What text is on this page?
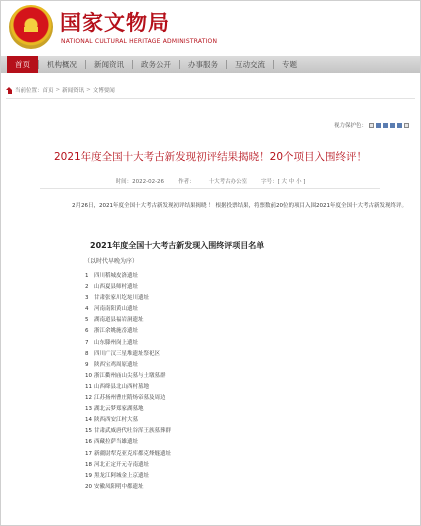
国家文物局
NATIONAL CULTURAL HERITAGE ADMINISTRATION
首页	机构概况	新闻资讯	政务公开	办事服务	互动交流	专题
当前位置： 首页 > 新闻资讯 > 文博要闻
视力保护色：
2021年度全国十大考古新发现初评结果揭晓！20个项目入围终评！
时间：2022-02-26	作者：	十大考古办公室	字号：[ 大 中 小 ]
2月26日，2021年度全国十大考古新发现初评结果揭晓 ！ 根据投票结果，将票数前20位的项目入围2021年度全国十大考古新发现终评。
2021年度全国十大考古新发现入围终评项目名单
（以时代早晚为序）
1	四川稻城皮洛遗址
2	山西夏县师村遗址
3	甘肃张家川圪垯川遗址
4	河南南阳黄山遗址
5	湖南道县福岩洞遗址
6	浙江余姚施岙遗址
7	山东滕州岗上遗址
8	四川广汉三星堆遗址祭祀区
9	陕西宝鸡周原遗址
10 浙江衢州庙山尖墓与土墩墓群
11 山西绛县北山西村墓地
12 江苏扬州曹庄隋炀帝墓及周边
13 湖北云梦郑家湖墓地
14 陕西西安江村大墓
15 甘肃武威唐代吐谷浑王族墓葬群
16 西藏拉萨当雄遗址
17 新疆尉犁克亚克库都克烽燧遗址
18 河北正定开元寺南遗址
19 黑龙江阿城金上京遗址
20 安徽凤阳明中都遗址
